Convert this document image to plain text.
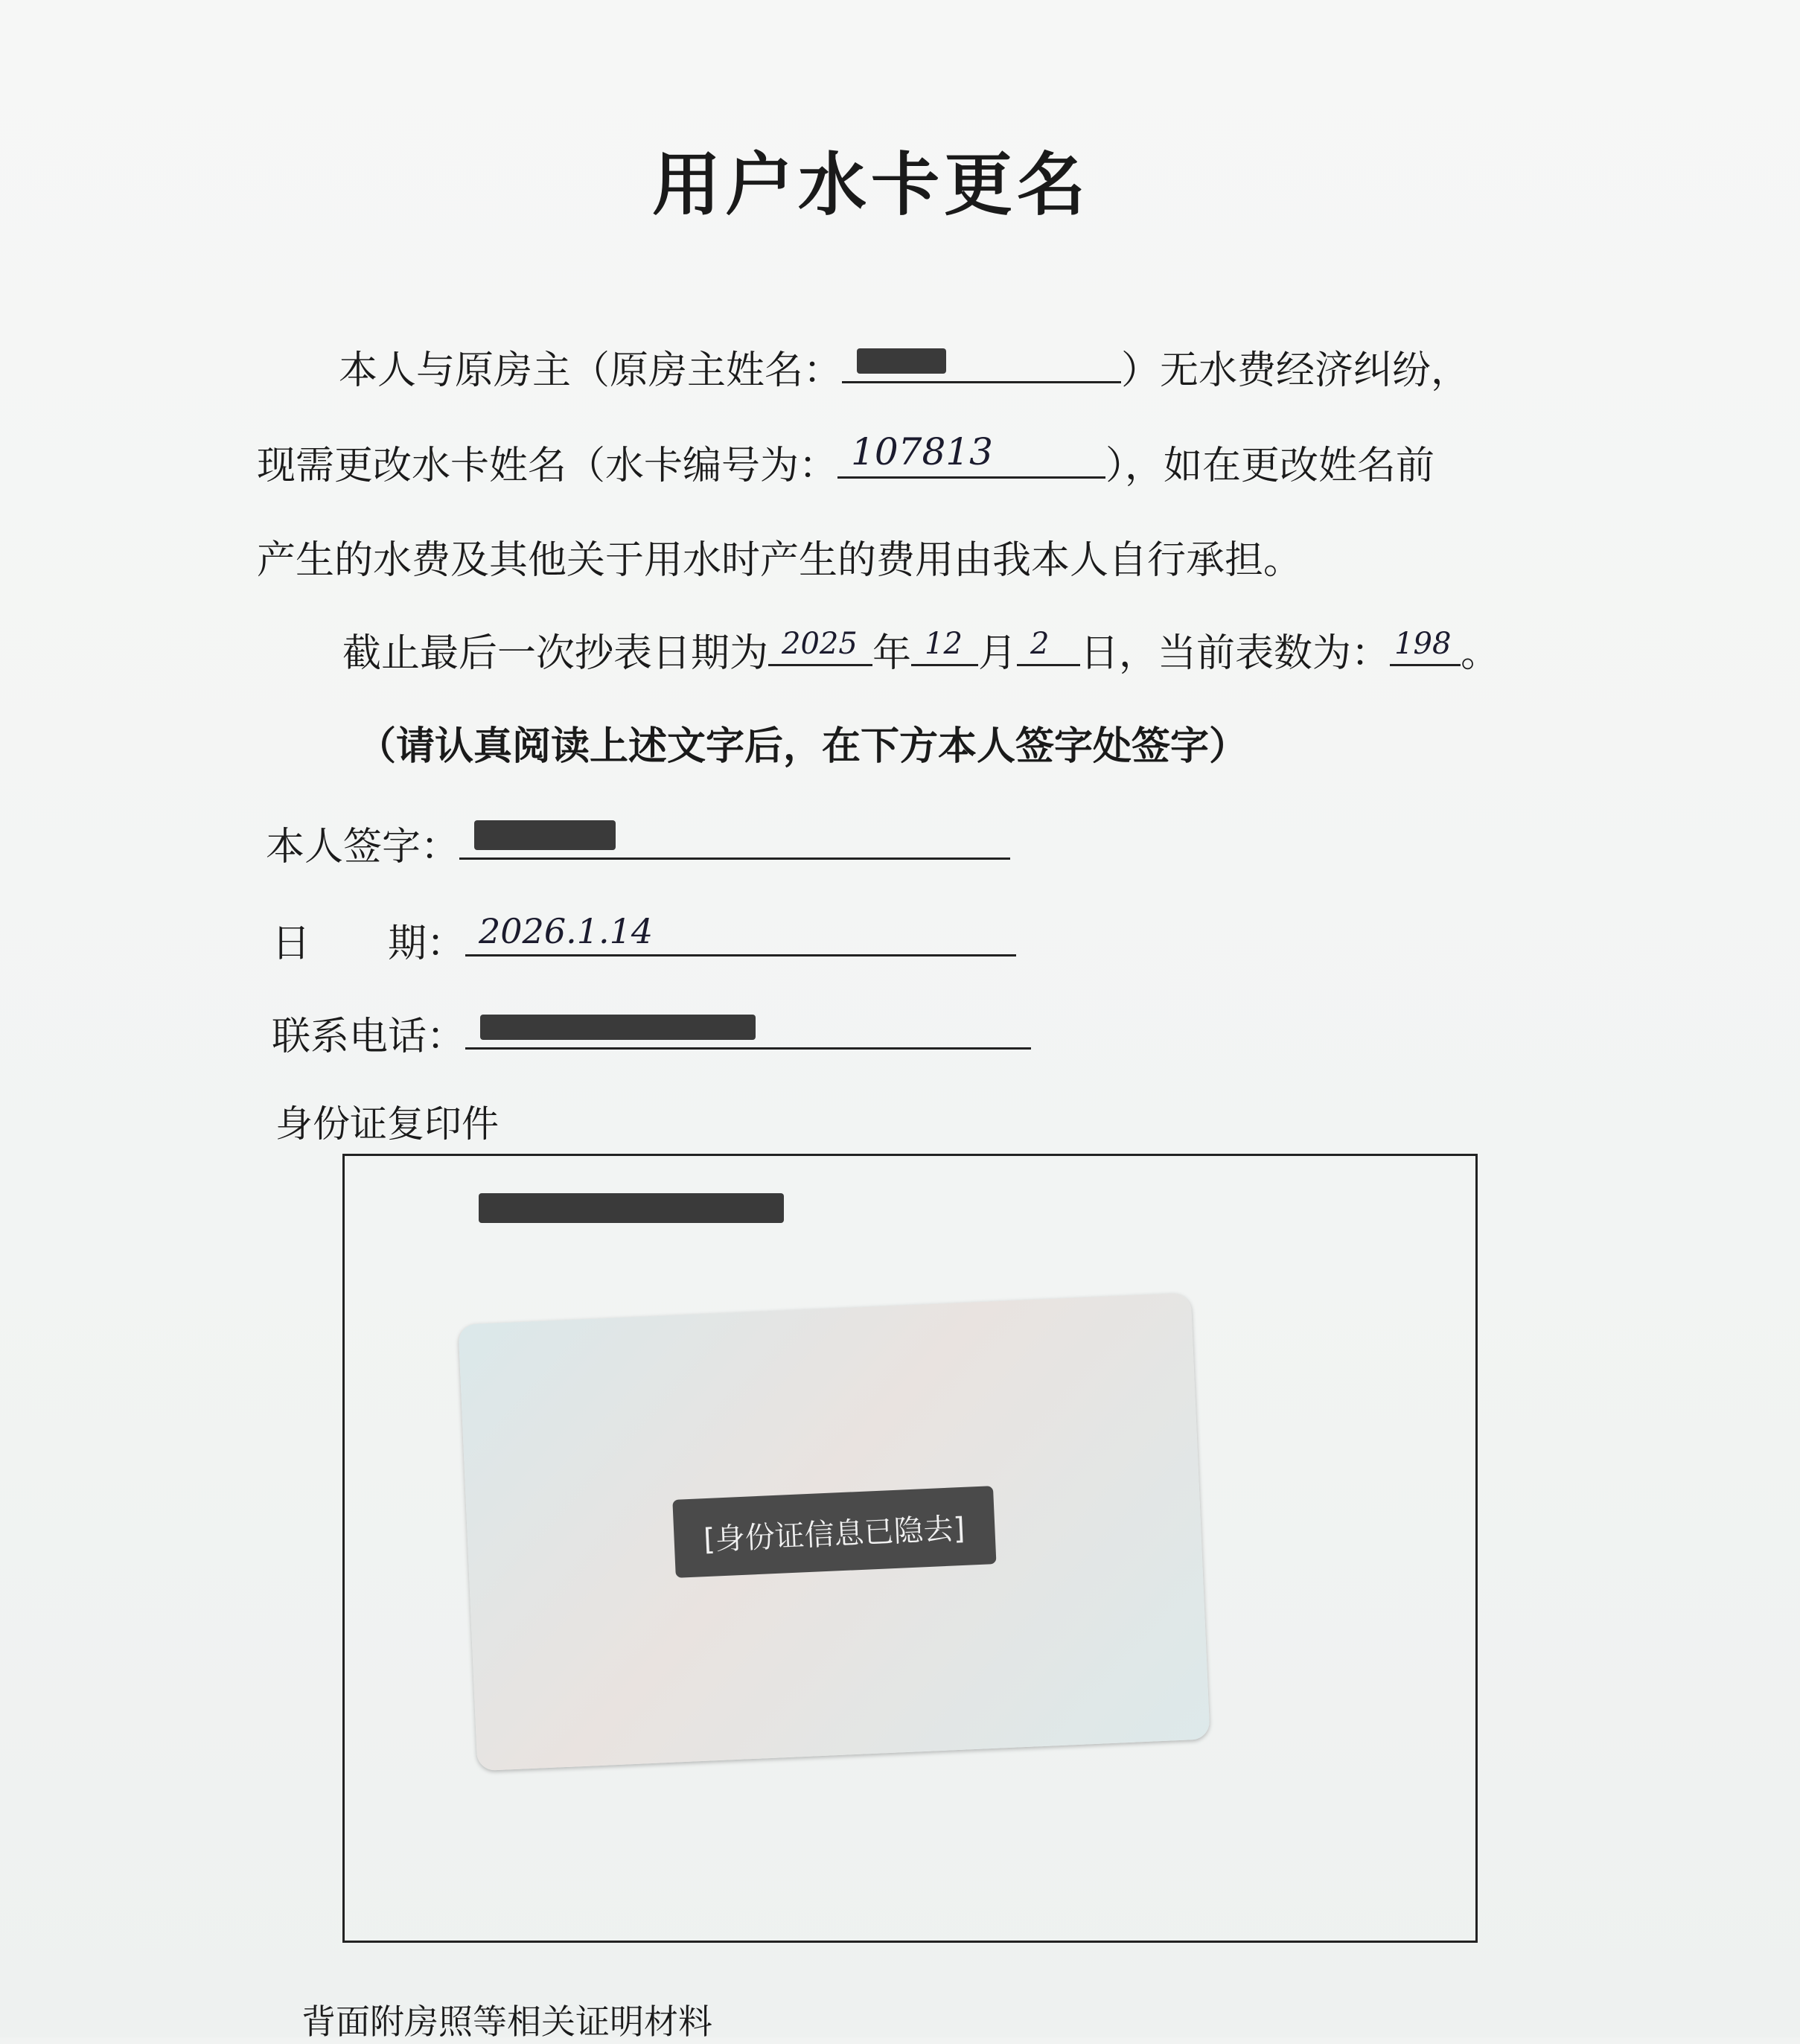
用户水卡更名
本人与原房主（原房主姓名：	）无水费经济纠纷，
现需更改水卡姓名（水卡编号为： 107813	），如在更改姓名前
产生的水费及其他关于用水时产生的费用由我本人自行承担。
截止最后一次抄表日期为 2025 年 12 月 2 日，当前表数为： 198 。
（请认真阅读上述文字后，在下方本人签字处签字）
本人签字：
日　　期： 2026.1.14
联系电话：
身份证复印件
[身份证信息已隐去]
背面附房照等相关证明材料
